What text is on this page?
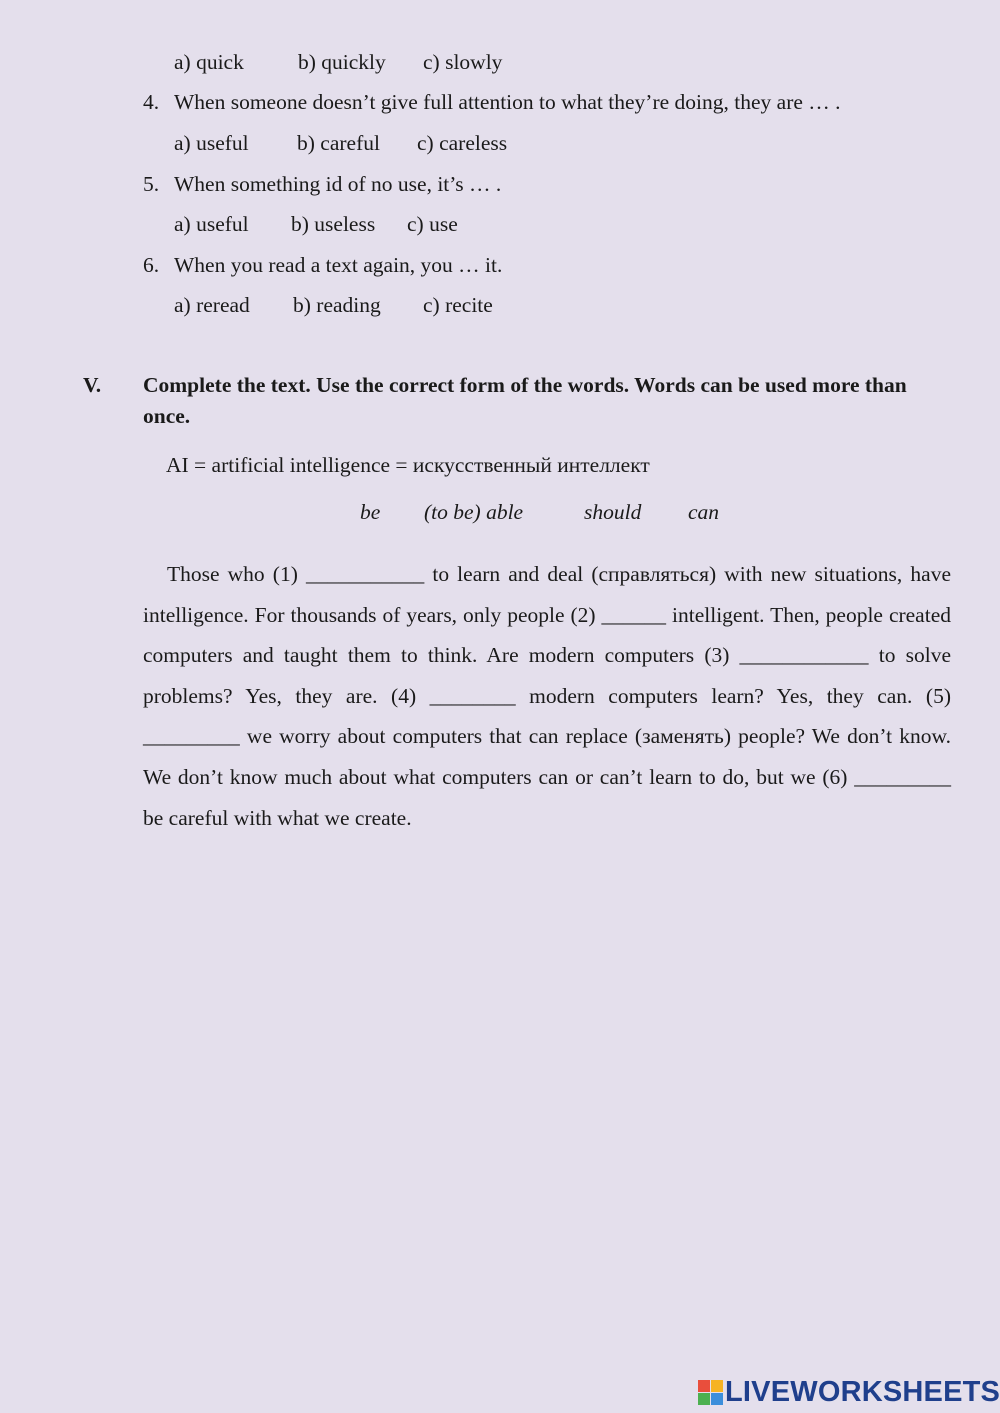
a) quick	b) quickly c) slowly
4. When someone doesn’t give full attention to what they’re doing, they are … .
a) useful b) careful c) careless
5. When something id of no use, it’s … .
a) useful b) useless c) use
6. When you read a text again, you … it.
a) reread b) reading c) recite
V. Complete the text. Use the correct form of the words. Words can be used more than once.
AI = artificial intelligence = искусственный интеллект
be (to be) able	should can
Those who (1) ___________ to learn and deal (справляться) with new situations, have intelligence. For thousands of years, only people (2) ______ intelligent. Then, people created computers and taught them to think. Are modern computers (3) ____________ to solve problems? Yes, they are. (4) ________ modern computers learn? Yes, they can. (5) _________ we worry about computers that can replace (заменять) people? We don’t know. We don’t know much about what computers can or can’t learn to do, but we (6) _________ be careful with what we create.
LIVEWORKSHEETS
